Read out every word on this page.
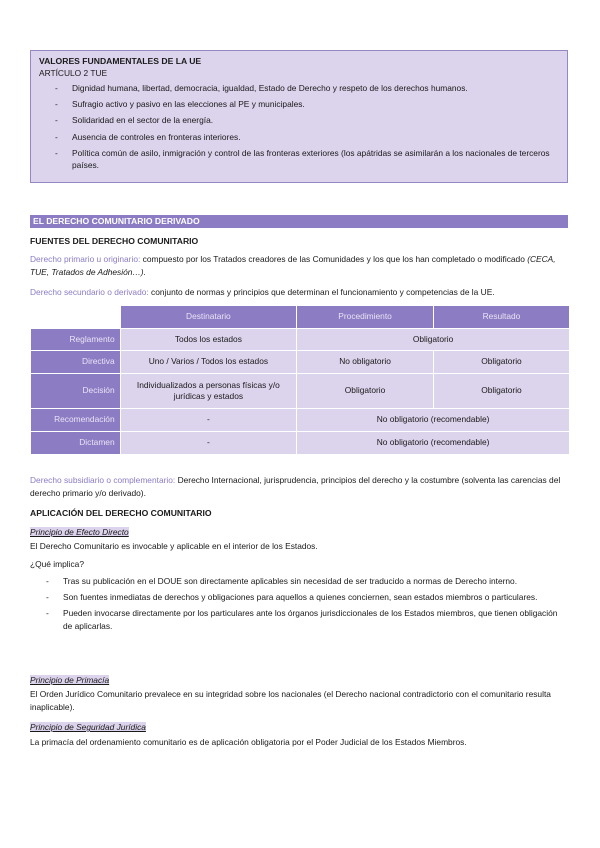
VALORES FUNDAMENTALES DE LA UE
ARTÍCULO 2 TUE
- Dignidad humana, libertad, democracia, igualdad, Estado de Derecho y respeto de los derechos humanos.
- Sufragio activo y pasivo en las elecciones al PE y municipales.
- Solidaridad en el sector de la energía.
- Ausencia de controles en fronteras interiores.
- Política común de asilo, inmigración y control de las fronteras exteriores (los apátridas se asimilarán a los nacionales de terceros países.
EL DERECHO COMUNITARIO DERIVADO
FUENTES DEL DERECHO COMUNITARIO
Derecho primario u originario: compuesto por los Tratados creadores de las Comunidades y los que los han completado o modificado (CECA, TUE, Tratados de Adhesión…).
Derecho secundario o derivado: conjunto de normas y principios que determinan el funcionamiento y competencias de la UE.
	Destinatario	Procedimiento	Resultado
Reglamento	Todos los estados	Obligatorio	
Directiva	Uno / Varios / Todos los estados	No obligatorio	Obligatorio
Decisión	Individualizados a personas físicas y/o jurídicas y estados	Obligatorio	Obligatorio
Recomendación	-	No obligatorio (recomendable)	
Dictamen	-	No obligatorio (recomendable)	
Derecho subsidiario o complementario: Derecho Internacional, jurisprudencia, principios del derecho y la costumbre (solventa las carencias del derecho primario y/o derivado).
APLICACIÓN DEL DERECHO COMUNITARIO
Principio de Efecto Directo
El Derecho Comunitario es invocable y aplicable en el interior de los Estados.
¿Qué implica?
- Tras su publicación en el DOUE son directamente aplicables sin necesidad de ser traducido a normas de Derecho interno.
- Son fuentes inmediatas de derechos y obligaciones para aquellos a quienes conciernen, sean estados miembros o particulares.
- Pueden invocarse directamente por los particulares ante los órganos jurisdiccionales de los Estados miembros, que tienen obligación de aplicarlas.
Principio de Primacía
El Orden Jurídico Comunitario prevalece en su integridad sobre los nacionales (el Derecho nacional contradictorio con el comunitario resulta inaplicable).
Principio de Seguridad Jurídica
La primacía del ordenamiento comunitario es de aplicación obligatoria por el Poder Judicial de los Estados Miembros.
